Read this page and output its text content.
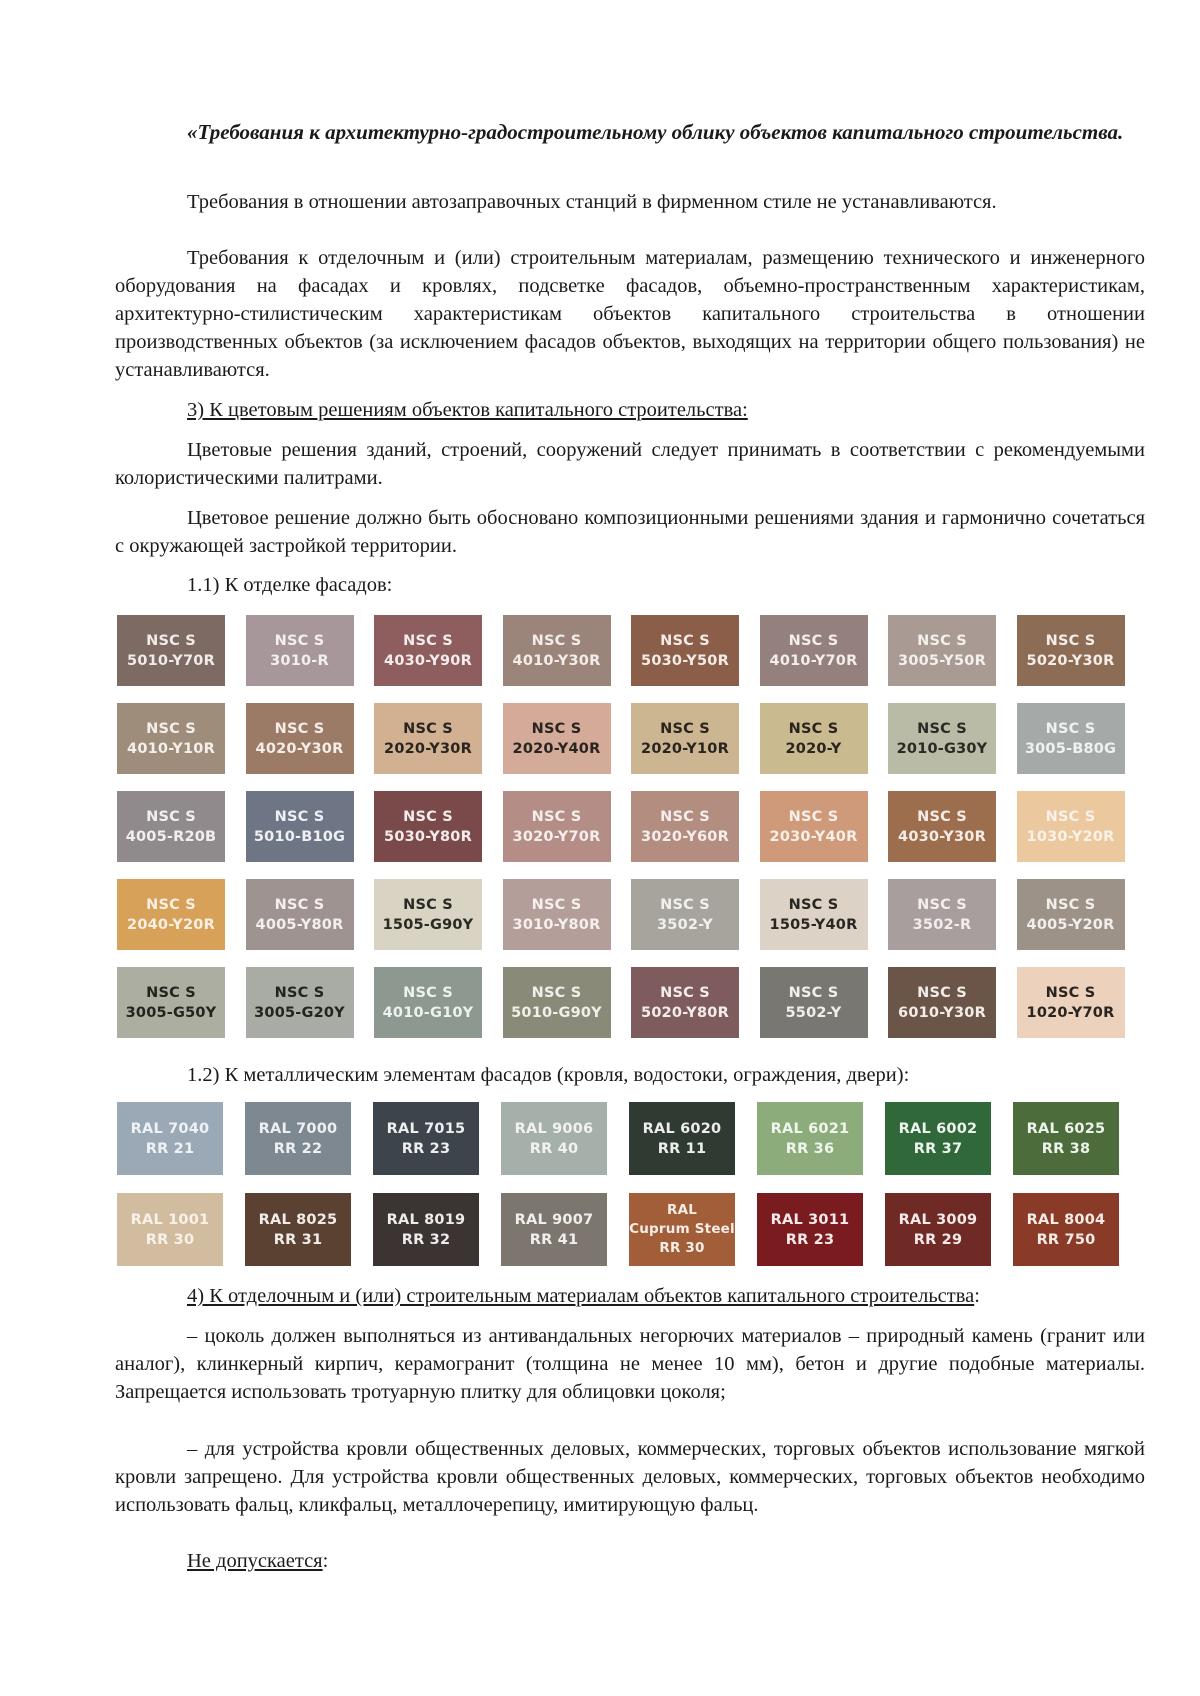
«Требования к архитектурно-градостроительному облику объектов капитального строительства.

Требования в отношении автозаправочных станций в фирменном стиле не устанавливаются.

Требования к отделочным и (или) строительным материалам, размещению технического и инженерного оборудования на фасадах и кровлях, подсветке фасадов, объемно-пространственным характеристикам, архитектурно-стилистическим характеристикам объектов капитального строительства в отношении производственных объектов (за исключением фасадов объектов, выходящих на территории общего пользования) не устанавливаются.

3) К цветовым решениям объектов капитального строительства:

Цветовые решения зданий, строений, сооружений следует принимать в соответствии с рекомендуемыми колористическими палитрами.

Цветовое решение должно быть обосновано композиционными решениями здания и гармонично сочетаться с окружающей застройкой территории.

1.1) К отделке фасадов:
NSC S
5010-Y70R
NSC S
3010-R
NSC S
4030-Y90R
NSC S
4010-Y30R
NSC S
5030-Y50R
NSC S
4010-Y70R
NSC S
3005-Y50R
NSC S
5020-Y30R
NSC S
4010-Y10R
NSC S
4020-Y30R
NSC S
2020-Y30R
NSC S
2020-Y40R
NSC S
2020-Y10R
NSC S
2020-Y
NSC S
2010-G30Y
NSC S
3005-B80G
NSC S
4005-R20B
NSC S
5010-B10G
NSC S
5030-Y80R
NSC S
3020-Y70R
NSC S
3020-Y60R
NSC S
2030-Y40R
NSC S
4030-Y30R
NSC S
1030-Y20R
NSC S
2040-Y20R
NSC S
4005-Y80R
NSC S
1505-G90Y
NSC S
3010-Y80R
NSC S
3502-Y
NSC S
1505-Y40R
NSC S
3502-R
NSC S
4005-Y20R
NSC S
3005-G50Y
NSC S
3005-G20Y
NSC S
4010-G10Y
NSC S
5010-G90Y
NSC S
5020-Y80R
NSC S
5502-Y
NSC S
6010-Y30R
NSC S
1020-Y70R
1.2) К металлическим элементам фасадов (кровля, водостоки, ограждения, двери):
RAL 7040
RR 21
RAL 7000
RR 22
RAL 7015
RR 23
RAL 9006
RR 40
RAL 6020
RR 11
RAL 6021
RR 36
RAL 6002
RR 37
RAL 6025
RR 38
RAL 1001
RR 30
RAL 8025
RR 31
RAL 8019
RR 32
RAL 9007
RR 41
RAL
Cuprum Steel
RR 30
RAL 3011
RR 23
RAL 3009
RR 29
RAL 8004
RR 750
4) К отделочным и (или) строительным материалам объектов капитального строительства:

– цоколь должен выполняться из антивандальных негорючих материалов – природный камень (гранит или аналог), клинкерный кирпич, керамогранит (толщина не менее 10 мм), бетон и другие подобные материалы. Запрещается использовать тротуарную плитку для облицовки цоколя;

– для устройства кровли общественных деловых, коммерческих, торговых объектов использование мягкой кровли запрещено. Для устройства кровли общественных деловых, коммерческих, торговых объектов необходимо использовать фальц, кликфальц, металлочерепицу, имитирующую фальц.

Не допускается:
